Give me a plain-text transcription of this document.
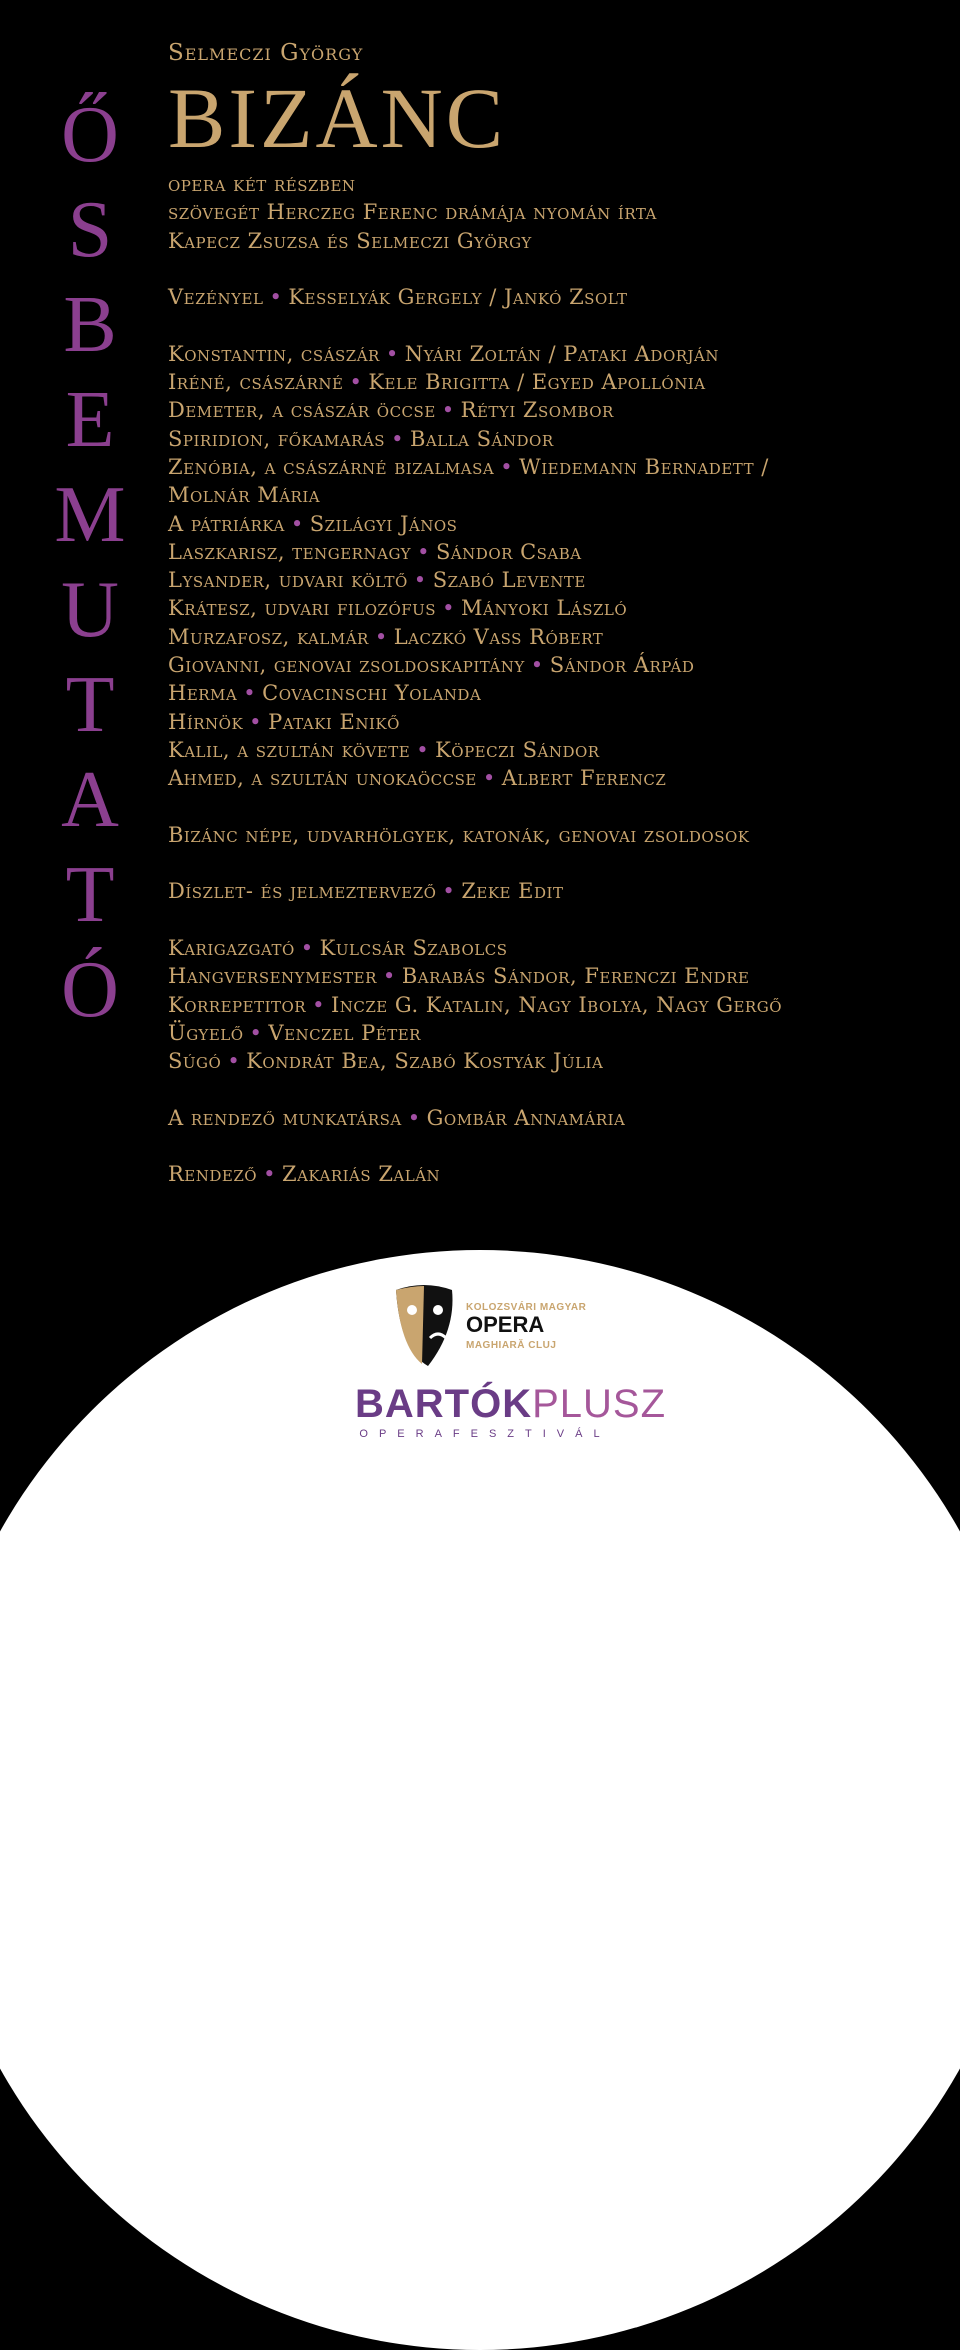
Ő
S
B
E
M
U
T
A
T
Ó
Selmeczi György
BIZÁNC
opera két részben
szövegét Herczeg Ferenc drámája nyomán írta
Kapecz Zsuzsa és Selmeczi György
Vezényel • Kesselyák Gergely / Jankó Zsolt
Konstantin, császár • Nyári Zoltán / Pataki Adorján
Iréné, császárné • Kele Brigitta / Egyed Apollónia
Demeter, a császár öccse • Rétyi Zsombor
Spiridion, főkamarás • Balla Sándor
Zenóbia, a császárné bizalmasa • Wiedemann Bernadett /
Molnár Mária
A pátriárka • Szilágyi János
Laszkarisz, tengernagy • Sándor Csaba
Lysander, udvari költő • Szabó Levente
Krátesz, udvari filozófus • Mányoki László
Murzafosz, kalmár • Laczkó Vass Róbert
Giovanni, genovai zsoldoskapitány • Sándor Árpád
Herma • Covacinschi Yolanda
Hírnök • Pataki Enikő
Kalil, a szultán követe • Köpeczi Sándor
Ahmed, a szultán unokaöccse • Albert Ferencz
Bizánc népe, udvarhölgyek, katonák, genovai zsoldosok
Díszlet- és jelmeztervező • Zeke Edit
Karigazgató • Kulcsár Szabolcs
Hangversenymester • Barabás Sándor, Ferenczi Endre
Korrepetitor • Incze G. Katalin, Nagy Ibolya, Nagy Gergő
Ügyelő • Venczel Péter
Súgó • Kondrát Bea, Szabó Kostyák Júlia
A rendező munkatársa • Gombár Annamária
Rendező • Zakariás Zalán
KOLOZSVÁRI MAGYAR
OPERA
MAGHIARĂ CLUJ
BARTÓKPLUSZ
OPERAFESZTIVÁL
